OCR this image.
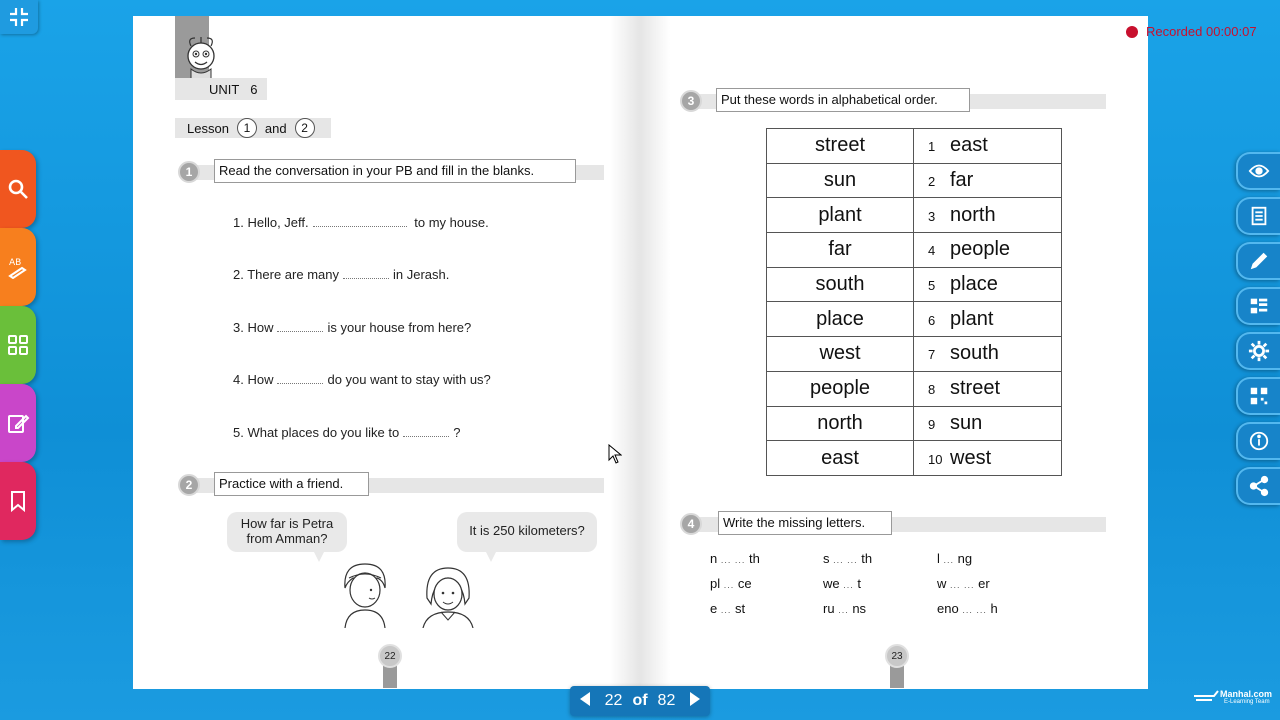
AB
UNIT 6
Lesson	1	and	2
1	Read the conversation in your PB and fill in the blanks.
1. Hello, Jeff.	to my house.
2. There are many	in Jerash.
3. How	is your house from here?
4. How	do you want to stay with us?
5. What places do you like to	?
2	Practice with a friend.
How far is Petra
from Amman?
It is 250 kilometers?
22
3	Put these words in alphabetical order.
street	1 east
sun	2 far
plant	3 north
far	4 people
south	5 place
place	6 plant
west	7 south
people	8 street
north	9 sun
east	10 west
4	Write the missing letters.
n ... ... th	s ... ... th	l ... ng
pl ... ce	we ... t	w ... ... er
e ... st	ru ... ns	eno ... ... h
23
Recorded 00:00:07
22 of 82	Manhal.com
E-Learning Team
